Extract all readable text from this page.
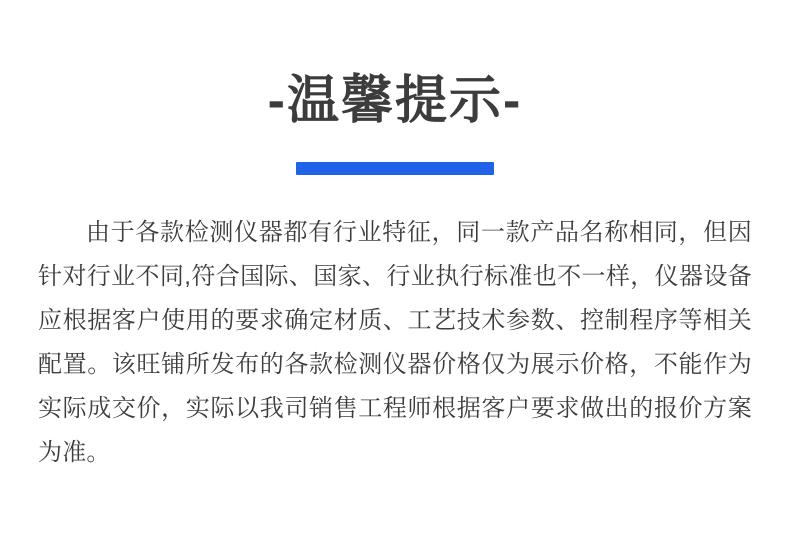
-温馨提示-

由于各款检测仪器都有行业特征，同一款产品名称相同，但因针对行业不同,符合国际、国家、行业执行标准也不一样，仪器设备应根据客户使用的要求确定材质、工艺技术参数、控制程序等相关配置。该旺铺所发布的各款检测仪器价格仅为展示价格，不能作为实际成交价，实际以我司销售工程师根据客户要求做出的报价方案为准。
